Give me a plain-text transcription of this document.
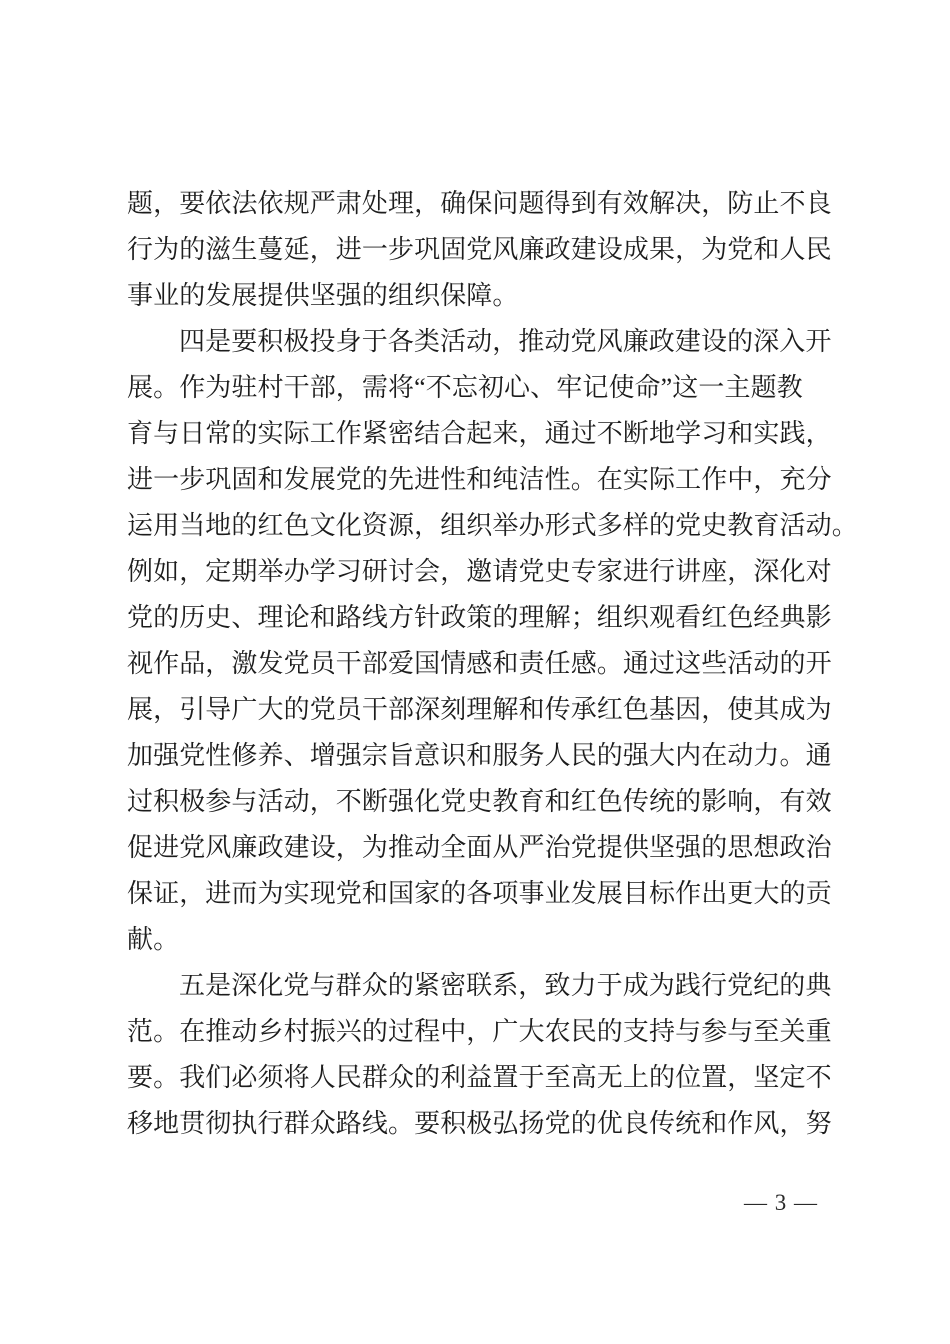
题，要依法依规严肃处理，确保问题得到有效解决，防止不良
行为的滋生蔓延，进一步巩固党风廉政建设成果，为党和人民
事业的发展提供坚强的组织保障。
四是要积极投身于各类活动，推动党风廉政建设的深入开
展。作为驻村干部，需将“不忘初心、牢记使命”这一主题教
育与日常的实际工作紧密结合起来，通过不断地学习和实践，
进一步巩固和发展党的先进性和纯洁性。在实际工作中，充分
运用当地的红色文化资源，组织举办形式多样的党史教育活动。
例如，定期举办学习研讨会，邀请党史专家进行讲座，深化对
党的历史、理论和路线方针政策的理解；组织观看红色经典影
视作品，激发党员干部爱国情感和责任感。通过这些活动的开
展，引导广大的党员干部深刻理解和传承红色基因，使其成为
加强党性修养、增强宗旨意识和服务人民的强大内在动力。通
过积极参与活动，不断强化党史教育和红色传统的影响，有效
促进党风廉政建设，为推动全面从严治党提供坚强的思想政治
保证，进而为实现党和国家的各项事业发展目标作出更大的贡
献。
五是深化党与群众的紧密联系，致力于成为践行党纪的典
范。在推动乡村振兴的过程中，广大农民的支持与参与至关重
要。我们必须将人民群众的利益置于至高无上的位置，坚定不
移地贯彻执行群众路线。要积极弘扬党的优良传统和作风，努
— 3 —
